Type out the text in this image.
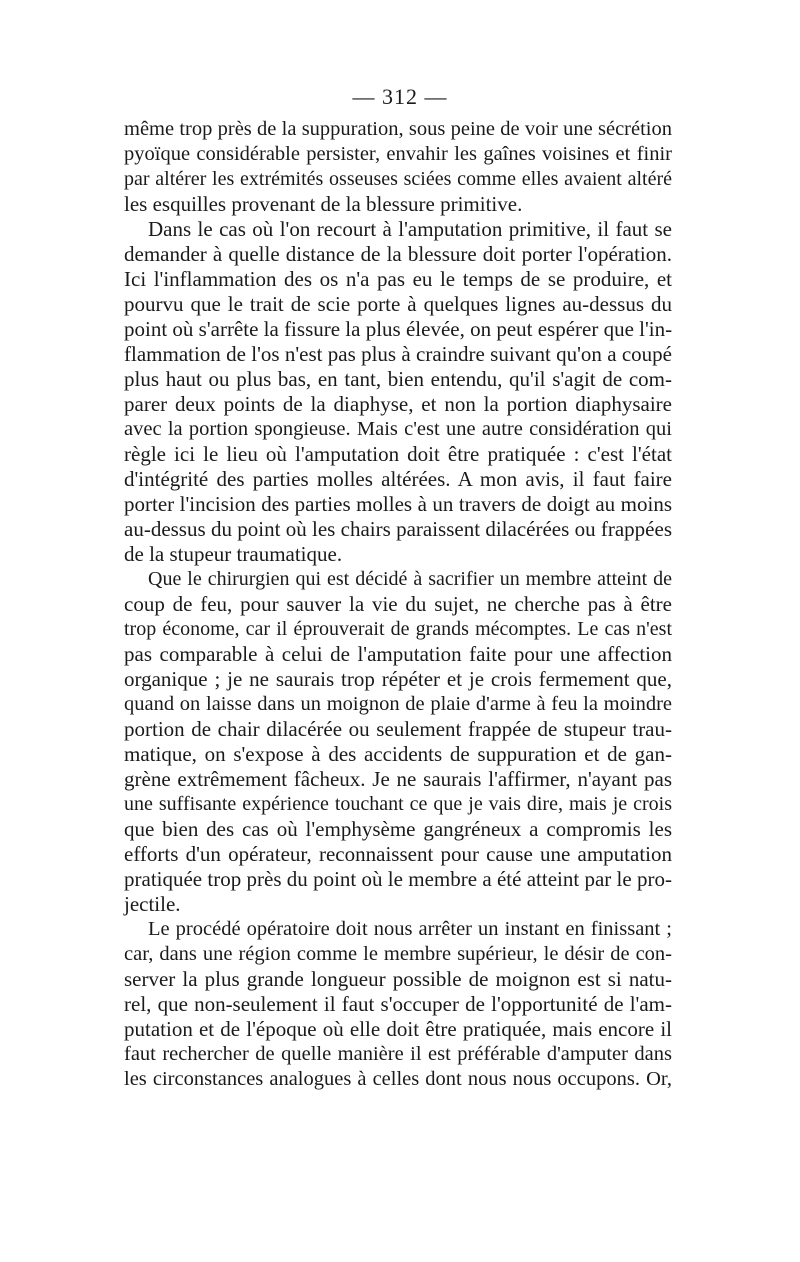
— 312 —
même trop près de la suppuration, sous peine de voir une sécrétion
pyoïque considérable persister, envahir les gaînes voisines et finir
par altérer les extrémités osseuses sciées comme elles avaient altéré
les esquilles provenant de la blessure primitive.
Dans le cas où l'on recourt à l'amputation primitive, il faut se
demander à quelle distance de la blessure doit porter l'opération.
Ici l'inflammation des os n'a pas eu le temps de se produire, et
pourvu que le trait de scie porte à quelques lignes au-dessus du
point où s'arrête la fissure la plus élevée, on peut espérer que l'in-
flammation de l'os n'est pas plus à craindre suivant qu'on a coupé
plus haut ou plus bas, en tant, bien entendu, qu'il s'agit de com-
parer deux points de la diaphyse, et non la portion diaphysaire
avec la portion spongieuse. Mais c'est une autre considération qui
règle ici le lieu où l'amputation doit être pratiquée : c'est l'état
d'intégrité des parties molles altérées. A mon avis, il faut faire
porter l'incision des parties molles à un travers de doigt au moins
au-dessus du point où les chairs paraissent dilacérées ou frappées
de la stupeur traumatique.
Que le chirurgien qui est décidé à sacrifier un membre atteint de
coup de feu, pour sauver la vie du sujet, ne cherche pas à être
trop économe, car il éprouverait de grands mécomptes. Le cas n'est
pas comparable à celui de l'amputation faite pour une affection
organique ; je ne saurais trop répéter et je crois fermement que,
quand on laisse dans un moignon de plaie d'arme à feu la moindre
portion de chair dilacérée ou seulement frappée de stupeur trau-
matique, on s'expose à des accidents de suppuration et de gan-
grène extrêmement fâcheux. Je ne saurais l'affirmer, n'ayant pas
une suffisante expérience touchant ce que je vais dire, mais je crois
que bien des cas où l'emphysème gangréneux a compromis les
efforts d'un opérateur, reconnaissent pour cause une amputation
pratiquée trop près du point où le membre a été atteint par le pro-
jectile.
Le procédé opératoire doit nous arrêter un instant en finissant ;
car, dans une région comme le membre supérieur, le désir de con-
server la plus grande longueur possible de moignon est si natu-
rel, que non-seulement il faut s'occuper de l'opportunité de l'am-
putation et de l'époque où elle doit être pratiquée, mais encore il
faut rechercher de quelle manière il est préférable d'amputer dans
les circonstances analogues à celles dont nous nous occupons. Or,
